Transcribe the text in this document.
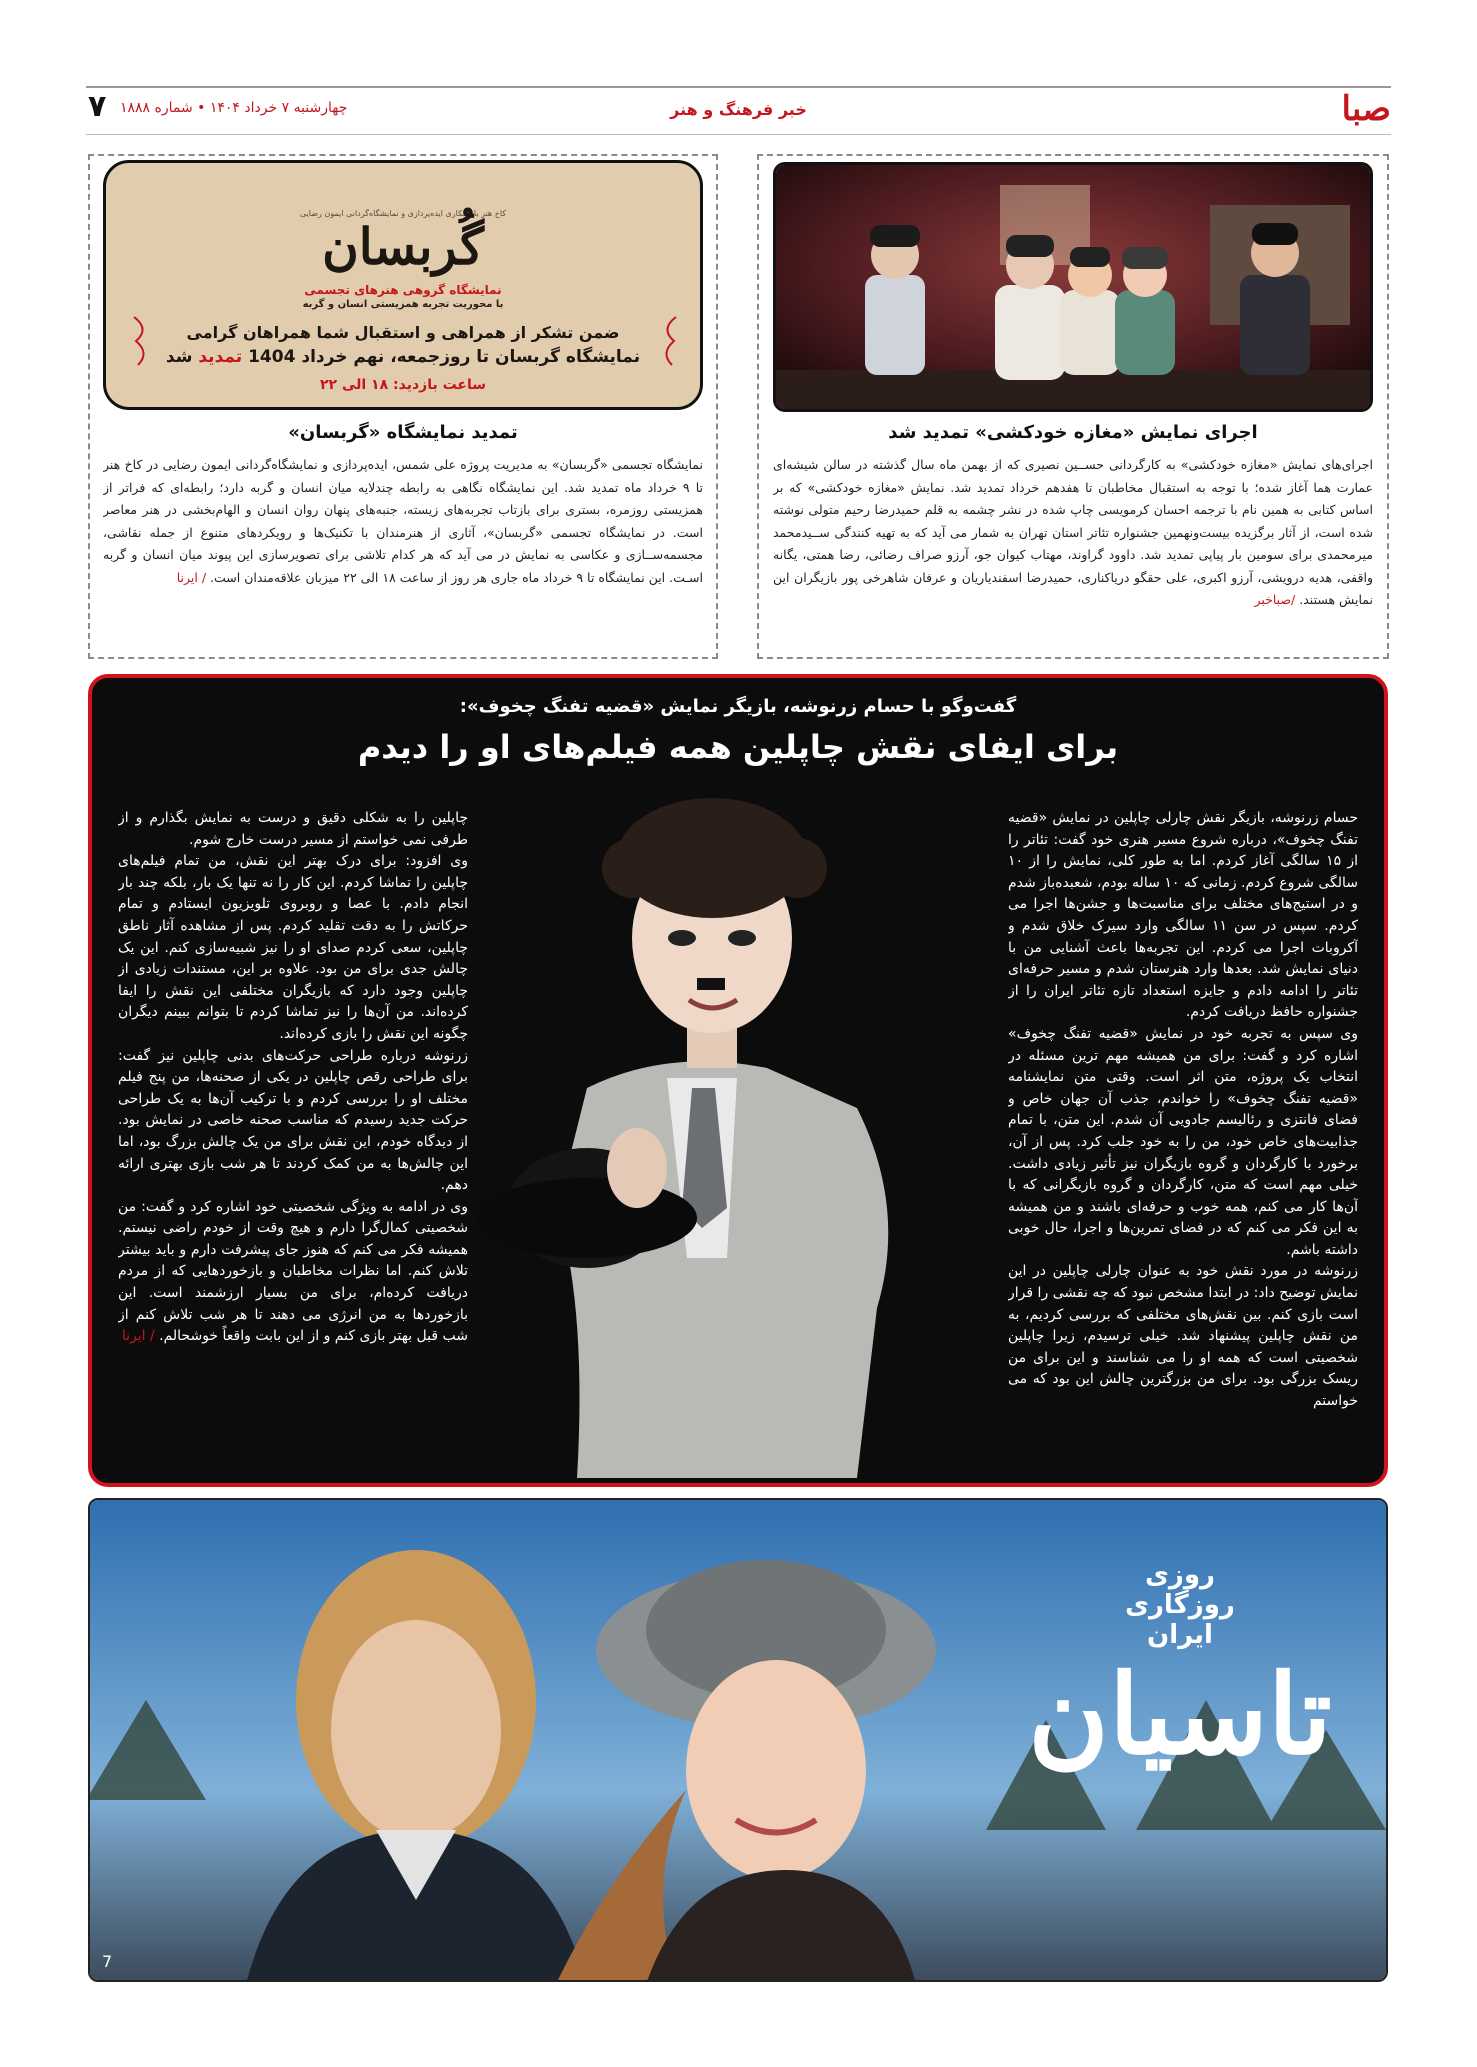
صبا
خبر فرهنگ و هنر
چهارشنبه ۷ خرداد ۱۴۰۴ • شماره ۱۸۸۸
۷
اجرای نمایش «مغازه خودکشی» تمدید شد
اجرای‌های نمایش «مغازه خودکشی» به کارگردانی حســین نصیری که از بهمن ماه سال گذشته در سالن شیشه‌ای عمارت هما آغاز شده؛ با توجه به استقبال مخاطبان تا هفدهم خرداد تمدید شد. نمایش «مغازه خودکشی» که بر اساس کتابی به همین نام با ترجمه احسان کرمویسی چاپ شده در نشر چشمه به قلم حمیدرضا رحیم متولی نوشته شده است، از آثار برگزیده بیست‌ونهمین جشنواره تئاتر استان تهران به شمار می آید که به تهیه کنندگی ســیدمحمد میرمحمدی برای سومین بار پیاپی تمدید شد. داوود گراوند، مهتاب کیوان جو، آرزو صراف رضائی، رضا همتی، یگانه واقفی، هدیه درویشی، آرزو اکبری، علی حقگو دریاکناری، حمیدرضا اسفندیاریان و عرفان شاهرخی پور بازیگران این نمایش هستند. /صباخبر
کاخ هنر با همکاری ایده‌پردازی و نمایشگاه‌گردانی ایمون رضایی
گُربسان
نمایشگاه گروهی هنرهای تجسمی
با محوریت تجربه همزیستی انسان و گربه
ضمن تشکر از همراهی و استقبال شما همراهان گرامی
نمایشگاه گربسان تا روزجمعه، نهم خرداد 1404 تمدید شد
ساعت بازدید: ۱۸ الی ۲۲
تمدید نمایشگاه «گربسان»
نمایشگاه تجسمی «گربسان» به مدیریت پروژه علی شمس، ایده‌پردازی و نمایشگاه‌گردانی ایمون رضایی در کاخ هنر تا ۹ خرداد ماه تمدید شد. این نمایشگاه نگاهی به رابطه چندلایه میان انسان و گربه دارد؛ رابطه‌ای که فراتر از همزیستی روزمره، بستری برای بازتاب تجربه‌های زیسته، جنبه‌های پنهان روان انسان و الهام‌بخشی در هنر معاصر است. در نمایشگاه تجسمی «گربسان»، آثاری از هنرمندان با تکنیک‌ها و رویکردهای متنوع از جمله نقاشی، مجسمه‌ســازی و عکاسی به نمایش در می آید که هر کدام تلاشی برای تصویرسازی این پیوند میان انسان و گربه اسـت. این نمایشگاه تا ۹ خرداد ماه جاری هر روز از ساعت ۱۸ الی ۲۲ میزبان علاقه‌مندان است. / ایرنا
گفت‌وگو با حسام زرنوشه، بازیگر نمایش «قضیه تفنگ چخوف»:
برای ایفای نقش چاپلین همه فیلم‌های او را دیدم
حسام زرنوشه، بازیگر نقش چارلی چاپلین در نمایش «قضیه تفنگ چخوف»، درباره شروع مسیر هنری خود گفت: تئاتر را از ۱۵ سالگی آغاز کردم. اما به طور کلی، نمایش را از ۱۰ سالگی شروع کردم. زمانی که ۱۰ ساله بودم، شعبده‌باز شدم و در استیج‌های مختلف برای مناسبت‌ها و جشن‌ها اجرا می کردم. سپس در سن ۱۱ سالگی وارد سیرک خلاق شدم و آکروبات اجرا می کردم. این تجربه‌ها باعث آشنایی من با دنیای نمایش شد. بعدها وارد هنرستان شدم و مسیر حرفه‌ای تئاتر را ادامه دادم و جایزه استعداد تازه تئاتر ایران را از جشنواره حافظ دریافت کردم.
وی سپس به تجربه خود در نمایش «قضیه تفنگ چخوف» اشاره کرد و گفت: برای من همیشه مهم ترین مسئله در انتخاب یک پروژه، متن اثر است. وقتی متن نمایشنامه «قضیه تفنگ چخوف» را خواندم، جذب آن جهان خاص و فضای فانتزی و رئالیسم جادویی آن شدم. این متن، با تمام جذابیت‌های خاص خود، من را به خود جلب کرد. پس از آن، برخورد با کارگردان و گروه بازیگران نیز تأثیر زیادی داشت. خیلی مهم است که متن، کارگردان و گروه بازیگرانی که با آن‌ها کار می کنم، همه خوب و حرفه‌ای باشند و من همیشه به این فکر می کنم که در فضای تمرین‌ها و اجرا، حال خوبی داشته باشم.
زرنوشه در مورد نقش خود به عنوان چارلی چاپلین در این نمایش توضیح داد: در ابتدا مشخص نبود که چه نقشی را قرار است بازی کنم. بین نقش‌های مختلفی که بررسی کردیم، به من نقش چاپلین پیشنهاد شد. خیلی ترسیدم، زیرا چاپلین شخصیتی است که همه او را می شناسند و این برای من ریسک بزرگی بود. برای من بزرگترین چالش این بود که می خواستم
چاپلین را به شکلی دقیق و درست به نمایش بگذارم و از طرفی نمی خواستم از مسیر درست خارج شوم.
وی افزود: برای درک بهتر این نقش، من تمام فیلم‌های چاپلین را تماشا کردم. این کار را نه تنها یک بار، بلکه چند بار انجام دادم. با عصا و روبروی تلویزیون ایستادم و تمام حرکاتش را به دقت تقلید کردم. پس از مشاهده آثار ناطق چاپلین، سعی کردم صدای او را نیز شبیه‌سازی کنم. این یک چالش جدی برای من بود. علاوه بر این، مستندات زیادی از چاپلین وجود دارد که بازیگران مختلفی این نقش را ایفا کرده‌اند. من آن‌ها را نیز تماشا کردم تا بتوانم ببینم دیگران چگونه این نقش را بازی کرده‌اند.
زرنوشه درباره طراحی حرکت‌های بدنی چاپلین نیز گفت: برای طراحی رقص چاپلین در یکی از صحنه‌ها، من پنج فیلم مختلف او را بررسی کردم و با ترکیب آن‌ها به یک طراحی حرکت جدید رسیدم که مناسب صحنه خاصی در نمایش بود. از دیدگاه خودم، این نقش برای من یک چالش بزرگ بود، اما این چالش‌ها به من کمک کردند تا هر شب بازی بهتری ارائه دهم.
وی در ادامه به ویژگی شخصیتی خود اشاره کرد و گفت: من شخصیتی کمال‌گرا دارم و هیچ وقت از خودم راضی نیستم. همیشه فکر می کنم که هنوز جای پیشرفت دارم و باید بیشتر تلاش کنم. اما نظرات مخاطبان و بازخوردهایی که از مردم دریافت کرده‌ام، برای من بسیار ارزشمند است. این بازخوردها به من انرژی می دهند تا هر شب تلاش کنم از شب قبل بهتر بازی کنم و از این بابت واقعاً خوشحالم. / ایرنا
روزی
روزگاری
ایران
تاسیان
7
